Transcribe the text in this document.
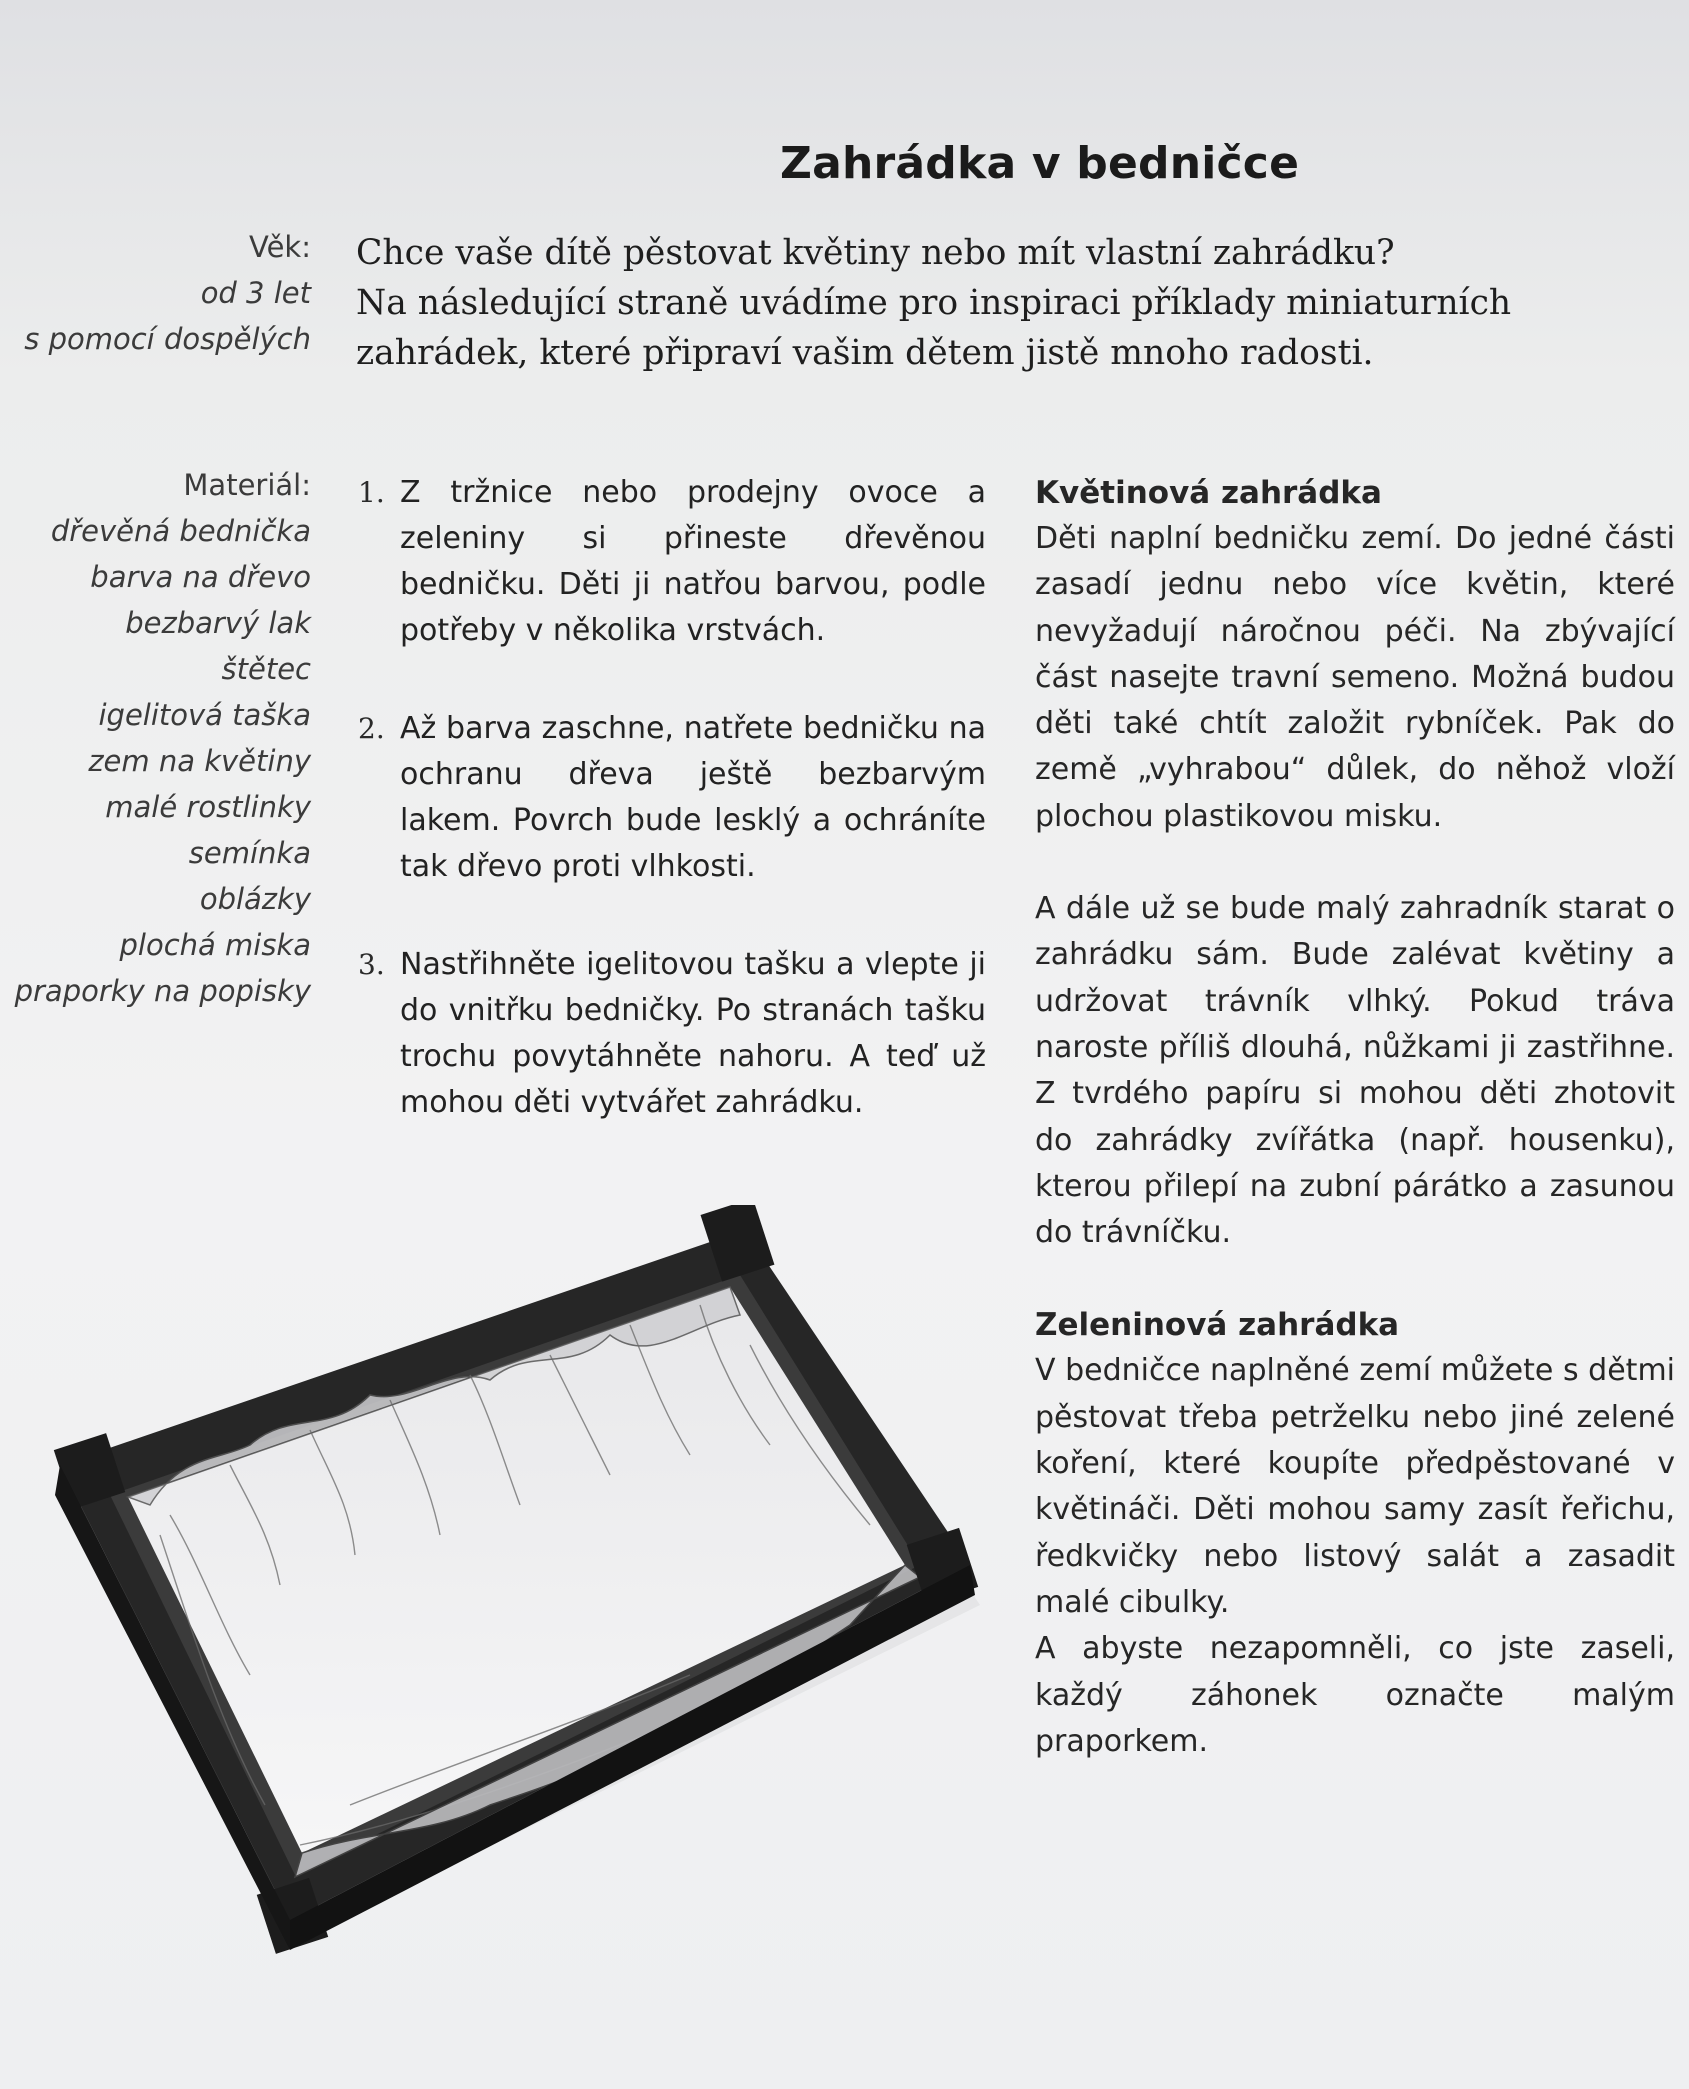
Zahrádka v bedničce
Věk:
od 3 let
s pomocí dospělých
Chce vaše dítě pěstovat květiny nebo mít vlastní zahrádku?
Na následující straně uvádíme pro inspiraci příklady miniaturních
zahrádek, které připraví vašim dětem jistě mnoho radosti.
Materiál:
dřevěná bednička
barva na dřevo
bezbarvý lak
štětec
igelitová taška
zem na květiny
malé rostlinky
semínka
oblázky
plochá miska
praporky na popisky
1. Z tržnice nebo prodejny ovoce a zeleniny si přineste dřevěnou bedničku. Děti ji natřou barvou, podle potřeby v několika vrstvách.
2. Až barva zaschne, natřete bedničku na ochranu dřeva ještě bezbarvým lakem. Povrch bude lesklý a ochráníte tak dřevo proti vlhkosti.
3. Nastřihněte igelitovou tašku a vlepte ji do vnitřku bedničky. Po stranách tašku trochu povytáhněte nahoru. A teď už mohou děti vytvářet zahrádku.
Květinová zahrádka

Děti naplní bedničku zemí. Do jedné části zasadí jednu nebo více květin, které nevyžadují náročnou péči. Na zbývající část nasejte travní semeno. Možná budou děti také chtít založit rybníček. Pak do země „vyhrabou“ důlek, do něhož vloží plochou plastikovou misku.

A dále už se bude malý zahradník starat o zahrádku sám. Bude zalévat květiny a udržovat trávník vlhký. Pokud tráva naroste příliš dlouhá, nůžkami ji zastřihne. Z tvrdého papíru si mohou děti zhotovit do zahrádky zvířátka (např. housenku), kterou přilepí na zubní párátko a zasunou do trávníčku.

Zeleninová zahrádka

V bedničce naplněné zemí můžete s dětmi pěstovat třeba petrželku nebo jiné zelené koření, které koupíte předpěstované v květináči. Děti mohou samy zasít řeřichu, ředkvičky nebo listový salát a zasadit malé cibulky.

A abyste nezapomněli, co jste zaseli, každý záhonek označte malým praporkem.
